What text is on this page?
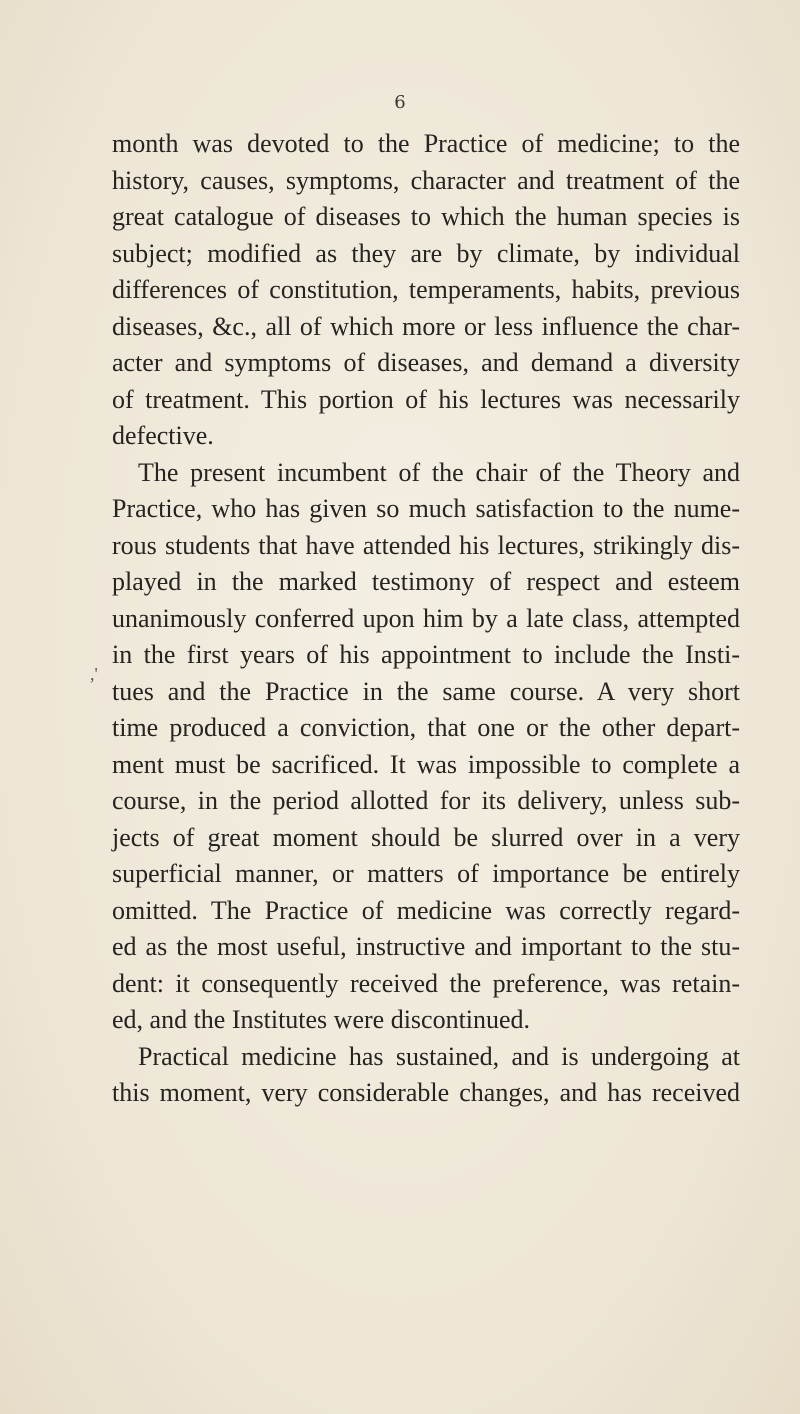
6
,'
month was devoted to the Practice of medicine; to the
history, causes, symptoms, character and treatment of the
great catalogue of diseases to which the human species is
subject; modified as they are by climate, by individual
differences of constitution, temperaments, habits, previous
diseases, &c., all of which more or less influence the char-
acter and symptoms of diseases, and demand a diversity
of treatment. This portion of his lectures was necessarily
defective.
The present incumbent of the chair of the Theory and
Practice, who has given so much satisfaction to the nume-
rous students that have attended his lectures, strikingly dis-
played in the marked testimony of respect and esteem
unanimously conferred upon him by a late class, attempted
in the first years of his appointment to include the Insti-
tues and the Practice in the same course. A very short
time produced a conviction, that one or the other depart-
ment must be sacrificed. It was impossible to complete a
course, in the period allotted for its delivery, unless sub-
jects of great moment should be slurred over in a very
superficial manner, or matters of importance be entirely
omitted. The Practice of medicine was correctly regard-
ed as the most useful, instructive and important to the stu-
dent: it consequently received the preference, was retain-
ed, and the Institutes were discontinued.
Practical medicine has sustained, and is undergoing at
this moment, very considerable changes, and has received
